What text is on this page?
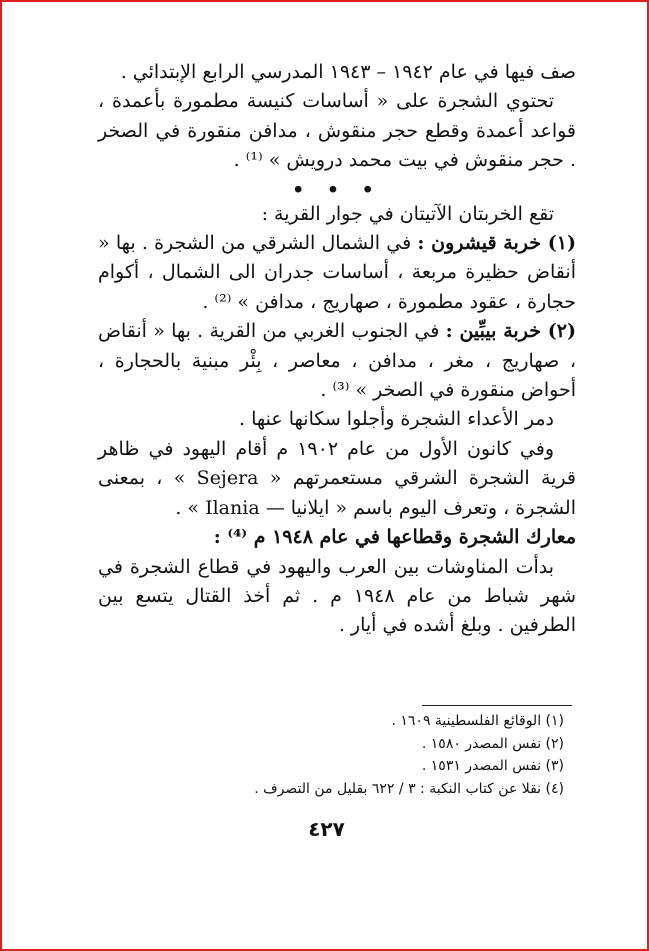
صف فيها في عام ١٩٤٢ – ١٩٤٣ المدرسي الرابع الإبتدائي .

تحتوي الشجرة على « أساسات كنيسة مطمورة بأعمدة ، قواعد أعمدة وقطع حجر منقوش ، مدافن منقورة في الصخر . حجر منقوش في بيت محمد درويش » ⁽¹⁾ .

• • •

تقع الخربتان الآتيتان في جوار القرية :

(١) خربة قيشرون : في الشمال الشرقي من الشجرة . بها « أنقاض حظيرة مربعة ، أساسات جدران الى الشمال ، أكوام حجارة ، عقود مطمورة ، صهاريج ، مدافن » ⁽²⁾ .

(٢) خربة بيبِّين : في الجنوب الغربي من القرية . بها « أنقاض ، صهاريج ، مغر ، مدافن ، معاصر ، بِئْر مبنية بالحجارة ، أحواض منقورة في الصخر » ⁽³⁾ .

دمر الأعداء الشجرة وأجلوا سكانها عنها .

وفي كانون الأول من عام ١٩٠٢ م أقام اليهود في ظاهر قرية الشجرة الشرقي مستعمرتهم « Sejera » ، بمعنى الشجرة ، وتعرف اليوم باسم « ايلانيا — Ilania » .

معارك الشجرة وقطاعها في عام ١٩٤٨ م ⁽⁴⁾ :

بدأت المناوشات بين العرب واليهود في قطاع الشجرة في شهر شباط من عام ١٩٤٨ م . ثم أخذ القتال يتسع بين الطرفين . وبلغ أشده في أيار .

(١) الوقائع الفلسطينية ١٦٠٩ .
(٢) نفس المصدر ١٥٨٠ .
(٣) نفس المصدر ١٥٣١ .
(٤) نقلا عن كتاب النكبة : ٣ / ٦٢٢ بقليل من التصرف .
٤٢٧
